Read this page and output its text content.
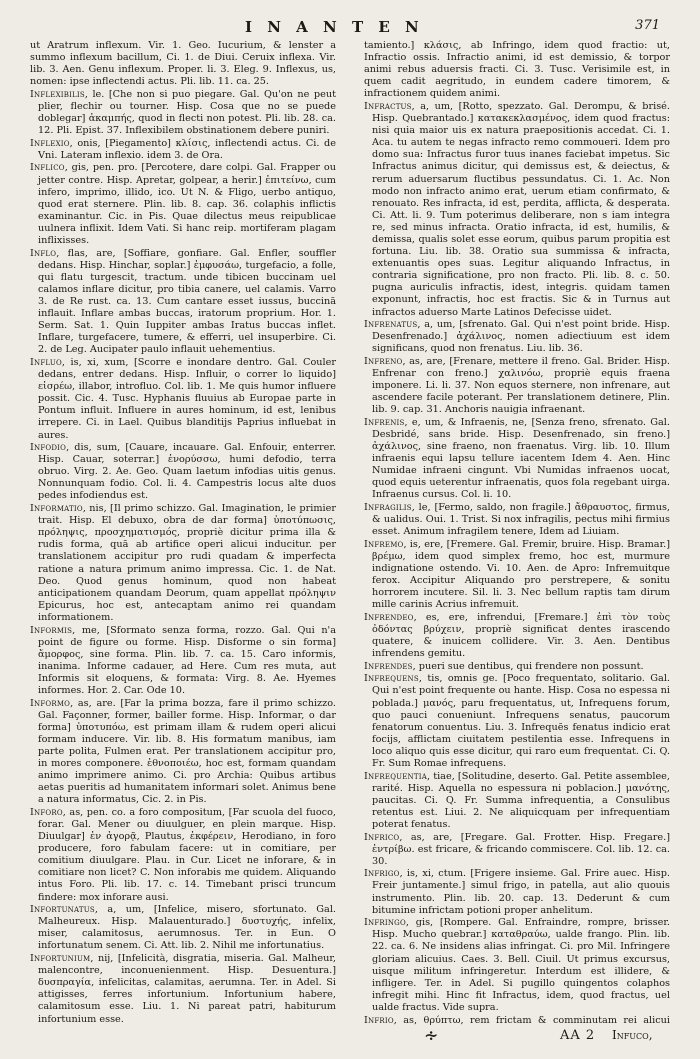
I N A N T E N	371

ut Aratrum inflexum. Vir. 1. Geo. Iucurium, & lenster a summo inflexum bacillum, Ci. 1. de Diui. Ceruix inflexa. Vir. lib. 3. Aen. Genu inflexum. Proper. li. 3. Eleg. 9. Inflexus, us, nomen: ipse inflectendi actus. Pli. lib. 11. ca. 25.

Inflexibilis, le. [Che non si puo piegare. Gal. Qu'on ne peut plier, flechir ou tourner. Hisp. Cosa que no se puede doblegar] ἀκαμπής, quod in flecti non potest. Pli. lib. 28. ca. 12. Pli. Epist. 37. Inflexibilem obstinationem debere puniri.

Inflexio, onis, [Piegamento] κλίσις, inflectendi actus. Ci. de Vni. Lateram inflexio. idem 3. de Ora.

Inflico, gis, pen. pro. [Percotere, dare colpi. Gal. Frapper ou jetter contre. Hisp. Apretar, golpear, a herir.] ἐπιτείνω, cum infero, imprimo, illido, ico. Ut N. & Fligo, uerbo antiquo, quod erat sternere. Plin. lib. 8. cap. 36. colaphis inflictis examinantur. Cic. in Pis. Quae dilectus meus reipublicae uulnera inflixit. Idem Vati. Si hanc reip. mortiferam plagam inflixisses.

Inflo, flas, are, [Soffiare, gonfiare. Gal. Enfler, souffler dedans. Hisp. Hinchar, soplar.] ἐμφυσάω, turgefacio, a folle, qui flatu turgescit, tractum. unde tibicen buccinam uel calamos inflare dicitur, pro tibia canere, uel calamis. Varro 3. de Re rust. ca. 13. Cum cantare esset iussus, buccinā inflauit. Inflare ambas buccas, iratorum proprium. Hor. 1. Serm. Sat. 1. Quin Iuppiter ambas Iratus buccas inflet. Inflare, turgefacere, tumere, & efferri, uel insuperbire. Ci. 2. de Leg. Aucipater paulo inflauit uehementius.

Influo, is, xi, xum, [Scorre e inondare dentro. Gal. Couler dedans, entrer dedans. Hisp. Influir, o correr lo liquido] εἰσρέω, illabor, introfluo. Col. lib. 1. Me quis humor influere possit. Cic. 4. Tusc. Hyphanis fluuius ab Europae parte in Pontum influit. Influere in aures hominum, id est, lenibus irrepere. Ci. in Lael. Quibus blanditijs Paprius influebat in aures.

Infodio, dis, sum, [Cauare, incauare. Gal. Enfouir, enterrer. Hisp. Cauar, soterrar.] ἐνορύσσω, humi defodio, terra obruo. Virg. 2. Ae. Geo. Quam laetum infodias uitis genus. Nonnunquam fodio. Col. li. 4. Campestris locus alte duos pedes infodiendus est.

Informatio, nis, [Il primo schizzo. Gal. Imagination, le primier trait. Hisp. El debuxo, obra de dar forma] ὑποτύπωσις, πρόληψις, προσχηματισμός, propriè dicitur prima illa & rudis forma, quā ab artifice operi alicui inducitur. per translationem accipitur pro rudi quadam & imperfecta ratione a natura primum animo impressa. Cic. 1. de Nat. Deo. Quod genus hominum, quod non habeat anticipationem quandam Deorum, quam appellat πρόληψιν Epicurus, hoc est, antecaptam animo rei quandam informationem.

Informis, me, [Sformato senza forma, rozzo. Gal. Qui n'a point de figure ou forme. Hisp. Disforme o sin forma] ἄμορφος, sine forma. Plin. lib. 7. ca. 15. Caro informis, inanima. Informe cadauer, ad Here. Cum res muta, aut Informis sit eloquens, & formata: Virg. 8. Ae. Hyemes informes. Hor. 2. Car. Ode 10.

Informo, as, are. [Far la prima bozza, fare il primo schizzo. Gal. Façonner, former, bailler forme. Hisp. Informar, o dar forma] ὑποτυπόω, est primam illam & rudem operi alicui formam inducere. Vir. lib. 8. His formatum manibus, iam parte polita, Fulmen erat. Per translationem accipitur pro, in mores componere. ἐθνοποιέω, hoc est, formam quandam animo imprimere animo. Ci. pro Archia: Quibus artibus aetas pueritis ad humanitatem informari solet. Animus bene a natura informatus, Cic. 2. in Pis.

Inforo, as, pen. co. a foro compositum, [Far scuola del fuoco, forar. Gal. Mener ou diuulguer, en plein marque. Hisp. Diuulgar] ἐν ἀγορᾷ, Plautus, ἐκφέρειν, Herodiano, in foro producere, foro fabulam facere: ut in comitiare, per comitium diuulgare. Plau. in Cur. Licet ne inforare, & in comitiare non licet? C. Non inforabis me quidem. Aliquando intus Foro. Pli. lib. 17. c. 14. Timebant prisci truncum findere: mox inforare ausi.

Infortunatus, a, um, [Infelice, misero, sfortunato. Gal. Malheureux. Hisp. Malauenturado.] δυστυχής, infelix, miser, calamitosus, aerumnosus. Ter. in Eun. O infortunatum senem. Ci. Att. lib. 2. Nihil me infortunatius.

Infortunium, nij, [Infelicità, disgratia, miseria. Gal. Malheur, malencontre, inconuenienment. Hisp. Desuentura.] δυσπραγία, infelicitas, calamitas, aerumna. Ter. in Adel. Si attigisses, ferres infortunium. Infortunium habere, calamitosum esse. Liu. 1. Ni pareat patri, habiturum infortunium esse.

tamiento.] κλάσις, ab Infringo, idem quod fractio: ut, Infractio ossis. Infractio animi, id est demissio, & torpor animi rebus aduersis fracti. Ci. 3. Tusc. Verisimile est, in quem cadit aegritudo, in eundem cadere timorem, & infractionem quidem animi.

Infractus, a, um, [Rotto, spezzato. Gal. Derompu, & brisé. Hisp. Quebrantado.] κατακεκλασμένος, idem quod fractus: nisi quia maior uis ex natura praepositionis accedat. Ci. 1. Aca. tu autem te negas infracto remo commoueri. Idem pro domo sua: Infractus furor tuus inanes faciebat impetus. Sic Infractus animus dicitur, qui demissus est, & deiectus, & rerum aduersarum fluctibus pessundatus. Ci. 1. Ac. Non modo non infracto animo erat, uerum etiam confirmato, & renouato. Res infracta, id est, perdita, afflicta, & desperata. Ci. Att. li. 9. Tum poterimus deliberare, non s iam integra re, sed minus infracta. Oratio infracta, id est, humilis, & demissa, qualis solet esse eorum, quibus parum propitia est fortuna. Liu. lib. 38. Oratio sua summissa & infracta, extenuantis opes suas. Legitur aliquando Infractus, in contraria significatione, pro non fracto. Pli. lib. 8. c. 50. pugna auriculis infractis, idest, integris. quidam tamen exponunt, infractis, hoc est fractis. Sic & in Turnus aut infractos aduerso Marte Latinos Defecisse uidet.

Infrenatus, a, um, [sfrenato. Gal. Qui n'est point bride. Hisp. Desenfrenado.] ἀχάλινος, nomen adiectiuum est idem significans, quod non frenatus. Liu. lib. 36.

Infreno, as, are, [Frenare, mettere il freno. Gal. Brider. Hisp. Enfrenar con freno.] χαλινόω, propriè equis fraena imponere. Li. li. 37. Non equos sternere, non infrenare, aut ascendere facile poterant. Per translationem detinere, Plin. lib. 9. cap. 31. Anchoris nauigia infraenant.

Infrenis, e, um, & Infraenis, ne, [Senza freno, sfrenato. Gal. Desbridé, sans bride. Hisp. Desenfrenado, sin freno.] ἀχάλινος, sine fraeno, non fraenatus. Virg. lib. 10. Illum infraenis equi lapsu tellure iacentem Idem 4. Aen. Hinc Numidae infraeni cingunt. Vbi Numidas infraenos uocat, quod equis ueterentur infraenatis, quos fola regebant uirga. Infraenus cursus. Col. li. 10.

Infragilis, le, [Fermo, saldo, non fragile.] ἄθραυστος, firmus, & ualidus. Oui. 1. Trist. Si nox infragilis, pectus mihi firmius esset. Animum infragilem tenere, Idem ad Liuiam.

Infremo, is, ere, [Fremere. Gal. Fremir, bruire. Hisp. Bramar.] βρέμω, idem quod simplex fremo, hoc est, murmure indignatione ostendo. Vi. 10. Aen. de Apro: Infremuitque ferox. Accipitur Aliquando pro perstrepere, & sonitu horrorem incutere. Sil. li. 3. Nec bellum raptis tam dirum mille carinis Acrius infremuit.

Infrendeo, es, ere, infrendui, [Fremare.] ἐπὶ τὸν τοὺς ὀδόντας βρύχειν, propriè significat dentes irascendo quatere, & inuicem collidere. Vir. 3. Aen. Dentibus infrendens gemitu.

Infrendes, pueri sue dentibus, qui frendere non possunt.

Infrequens, tis, omnis ge. [Poco frequentato, solitario. Gal. Qui n'est point frequente ou hante. Hisp. Cosa no espessa ni poblada.] μανός, paru frequentatus, ut, Infrequens forum, quo pauci conueniunt. Infrequens senatus, paucorum fenatorum conuentus. Liu. 3. Infrequēs fenatus indicio erat focijs, afflictam ciuitatem pestilentia esse. Infrequens in loco aliquo quis esse dicitur, qui raro eum frequentat. Ci. Q. Fr. Sum Romae infrequens.

Infrequentia, tiae, [Solitudine, deserto. Gal. Petite assemblee, rarité. Hisp. Aquella no espessura ni poblacion.] μανότης, paucitas. Ci. Q. Fr. Summa infrequentia, a Consulibus retentus est. Liui. 2. Ne aliquicquam per infrequentiam poterat fenatus.

Infrico, as, are, [Fregare. Gal. Frotter. Hisp. Fregare.] ἐντρίβω. est fricare, & fricando commiscere. Col. lib. 12. ca. 30.

Infrigo, is, xi, ctum. [Frigere insieme. Gal. Frire auec. Hisp. Freir juntamente.] simul frigo, in patella, aut alio quouis instrumento. Plin. lib. 20. cap. 13. Dederunt & cum bitumine infrictam potioni proper anhelitum.

Infringo, gis, [Rompere. Gal. Enfraindre, rompre, brisser. Hisp. Mucho quebrar.] καταθραύω, ualde frango. Plin. lib. 22. ca. 6. Ne insidens alias infringat. Ci. pro Mil. Infringere gloriam alicuius. Caes. 3. Bell. Ciuil. Ut primus excursus, uisque militum infringeretur. Interdum est illidere, & infligere. Ter. in Adel. Si pugillo quingentos colaphos infregit mihi. Hinc fit Infractus, idem, quod fractus, uel ualde fractus. Vide supra.

Infrio, as, θρύπτω, rem frictam & comminutam rei alicui

∻	AA 2 Infuco,
